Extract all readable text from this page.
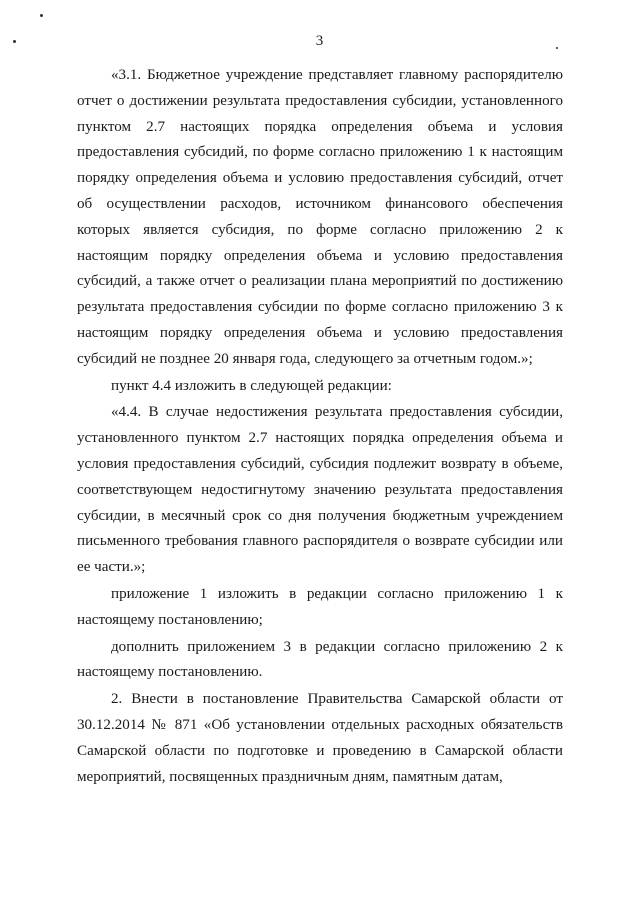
3

«3.1. Бюджетное учреждение представляет главному распорядителю отчет о достижении результата предоставления субсидии, установленного пунктом 2.7 настоящих порядка определения объема и условия предоставления субсидий, по форме согласно приложению 1 к настоящим порядку определения объема и условию предоставления субсидий, отчет об осуществлении расходов, источником финансового обеспечения которых является субсидия, по форме согласно приложению 2 к настоящим порядку определения объема и условию предоставления субсидий, а также отчет о реализации плана мероприятий по достижению результата предоставления субсидии по форме согласно приложению 3 к настоящим порядку определения объема и условию предоставления субсидий не позднее 20 января года, следующего за отчетным годом.»;

пункт 4.4 изложить в следующей редакции:

«4.4. В случае недостижения результата предоставления субсидии, установленного пунктом 2.7 настоящих порядка определения объема и условия предоставления субсидий, субсидия подлежит возврату в объеме, соответствующем недостигнутому значению результата предоставления субсидии, в месячный срок со дня получения бюджетным учреждением письменного требования главного распорядителя о возврате субсидии или ее части.»;

приложение 1 изложить в редакции согласно приложению 1 к настоящему постановлению;

дополнить приложением 3 в редакции согласно приложению 2 к настоящему постановлению.

2. Внести в постановление Правительства Самарской области от 30.12.2014 № 871 «Об установлении отдельных расходных обязательств Самарской области по подготовке и проведению в Самарской области мероприятий, посвященных праздничным дням, памятным датам,
